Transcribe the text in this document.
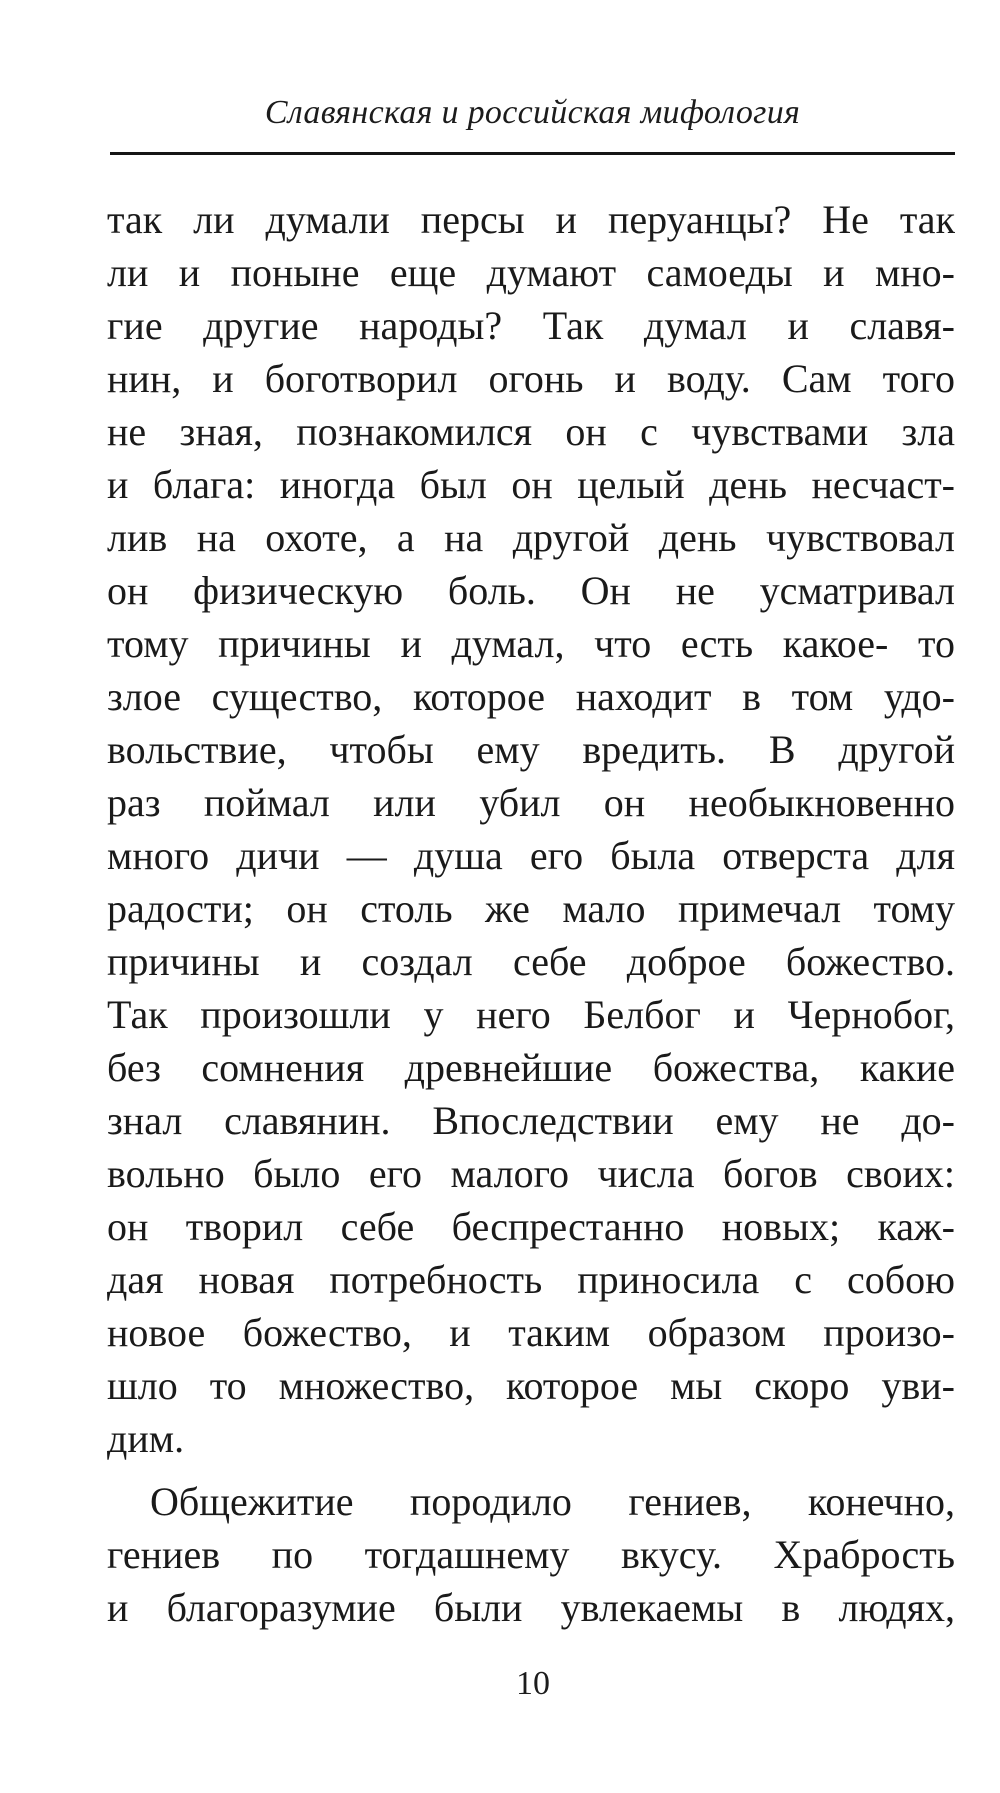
Славянская и российская мифология
так ли думали персы и перуанцы? Не так
ли и поныне еще думают самоеды и мно-
гие другие народы? Так думал и славя-
нин, и боготворил огонь и воду. Сам того
не зная, познакомился он с чувствами зла
и блага: иногда был он целый день несчаст-
лив на охоте, а на другой день чувствовал
он физическую боль. Он не усматривал
тому причины и думал, что есть какое- то
злое существо, которое находит в том удо-
вольствие, чтобы ему вредить. В другой
раз поймал или убил он необыкновенно
много дичи — душа его была отверста для
радости; он столь же мало примечал тому
причины и создал себе доброе божество.
Так произошли у него Белбог и Чернобог,
без сомнения древнейшие божества, какие
знал славянин. Впоследствии ему не до-
вольно было его малого числа богов своих:
он творил себе беспрестанно новых; каж-
дая новая потребность приносила с собою
новое божество, и таким образом произо-
шло то множество, которое мы скоро уви-
дим.
Общежитие породило гениев, конечно,
гениев по тогдашнему вкусу. Храбрость
и благоразумие были увлекаемы в людях,
10
